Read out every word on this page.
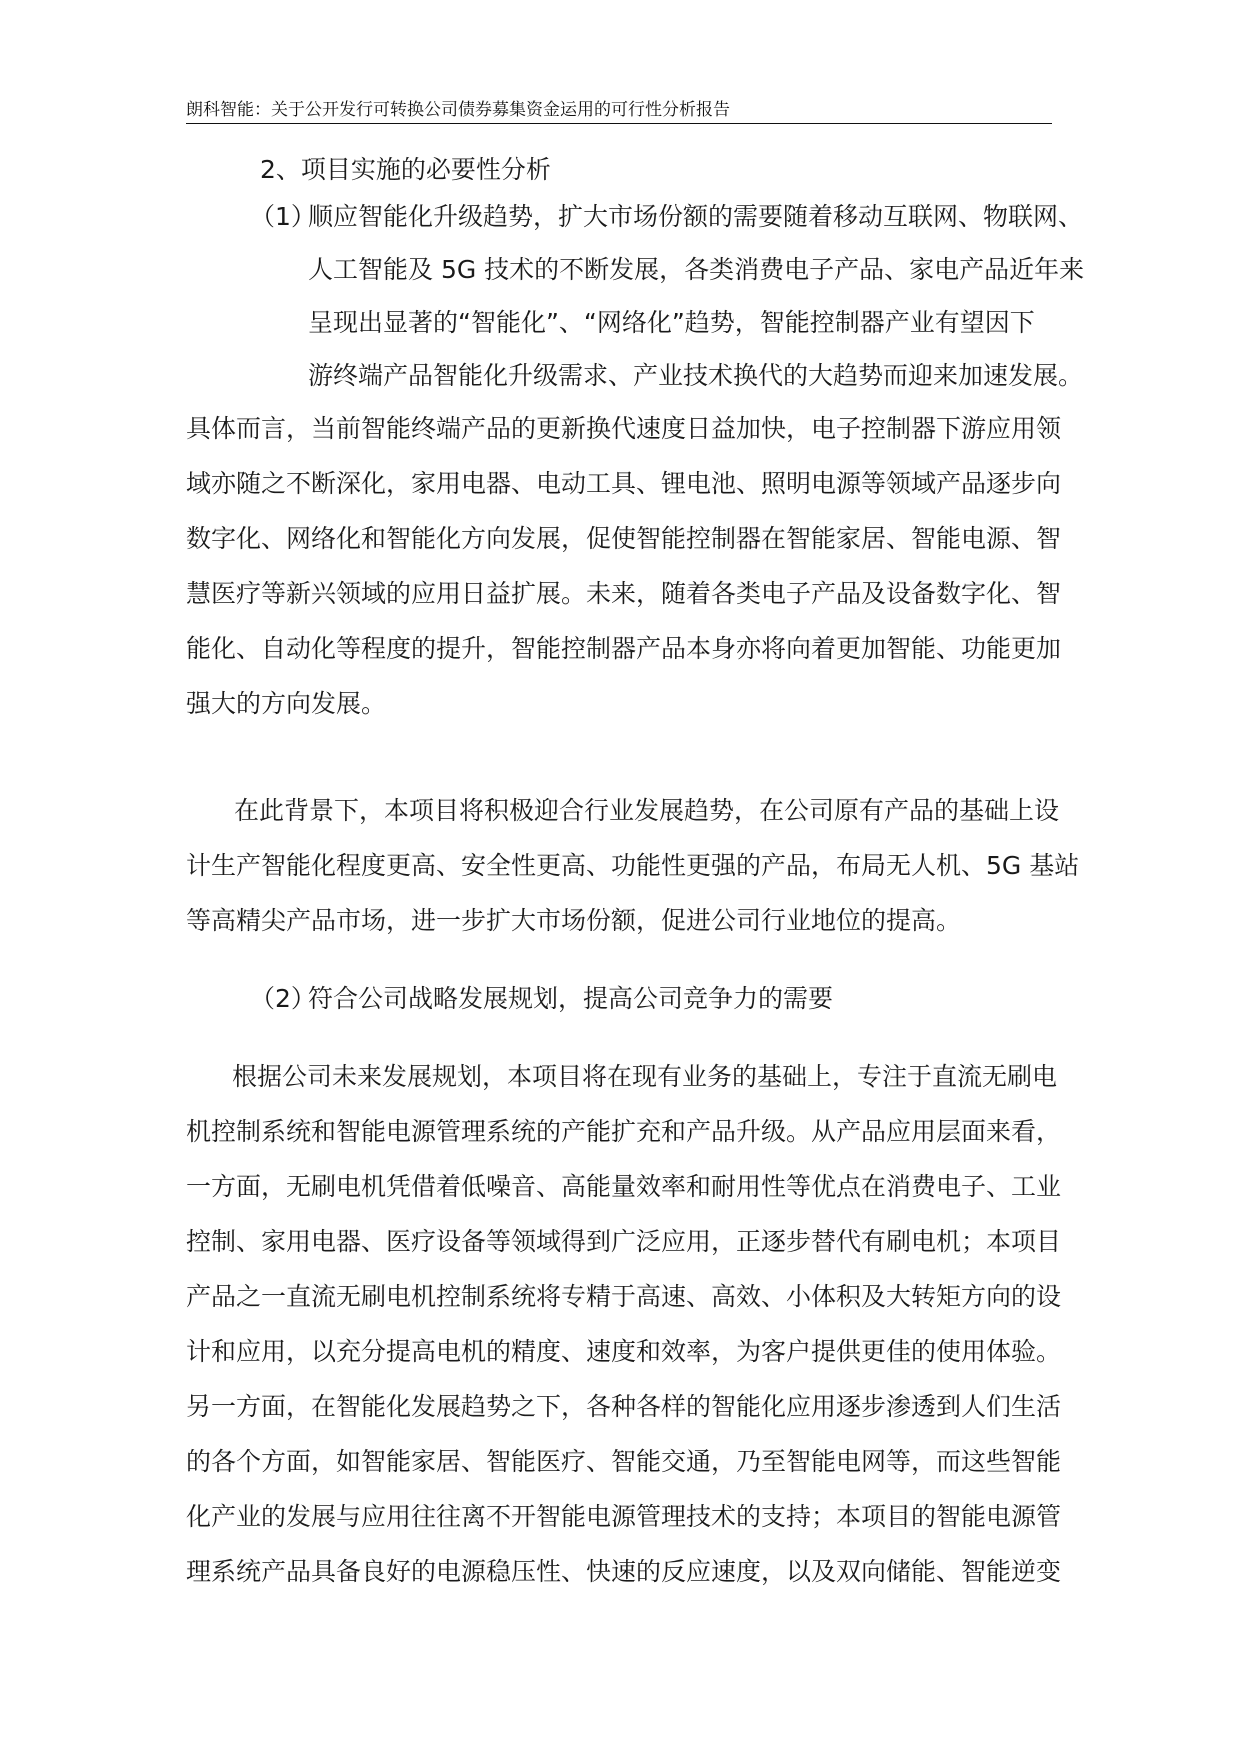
朗科智能：关于公开发行可转换公司债券募集资金运用的可行性分析报告

2、项目实施的必要性分析

（1）顺应智能化升级趋势，扩大市场份额的需要随着移动互联网、物联网、

人工智能及 5G 技术的不断发展，各类消费电子产品、家电产品近年来

呈现出显著的“智能化”、“网络化”趋势，智能控制器产业有望因下

游终端产品智能化升级需求、产业技术换代的大趋势而迎来加速发展。

具体而言，当前智能终端产品的更新换代速度日益加快，电子控制器下游应用领

域亦随之不断深化，家用电器、电动工具、锂电池、照明电源等领域产品逐步向

数字化、网络化和智能化方向发展，促使智能控制器在智能家居、智能电源、智

慧医疗等新兴领域的应用日益扩展。未来，随着各类电子产品及设备数字化、智

能化、自动化等程度的提升，智能控制器产品本身亦将向着更加智能、功能更加

强大的方向发展。

在此背景下，本项目将积极迎合行业发展趋势，在公司原有产品的基础上设

计生产智能化程度更高、安全性更高、功能性更强的产品，布局无人机、5G 基站

等高精尖产品市场，进一步扩大市场份额，促进公司行业地位的提高。

（2）符合公司战略发展规划，提高公司竞争力的需要

根据公司未来发展规划，本项目将在现有业务的基础上，专注于直流无刷电

机控制系统和智能电源管理系统的产能扩充和产品升级。从产品应用层面来看，

一方面，无刷电机凭借着低噪音、高能量效率和耐用性等优点在消费电子、工业

控制、家用电器、医疗设备等领域得到广泛应用，正逐步替代有刷电机；本项目

产品之一直流无刷电机控制系统将专精于高速、高效、小体积及大转矩方向的设

计和应用，以充分提高电机的精度、速度和效率，为客户提供更佳的使用体验。

另一方面，在智能化发展趋势之下，各种各样的智能化应用逐步渗透到人们生活

的各个方面，如智能家居、智能医疗、智能交通，乃至智能电网等，而这些智能

化产业的发展与应用往往离不开智能电源管理技术的支持；本项目的智能电源管

理系统产品具备良好的电源稳压性、快速的反应速度，以及双向储能、智能逆变
